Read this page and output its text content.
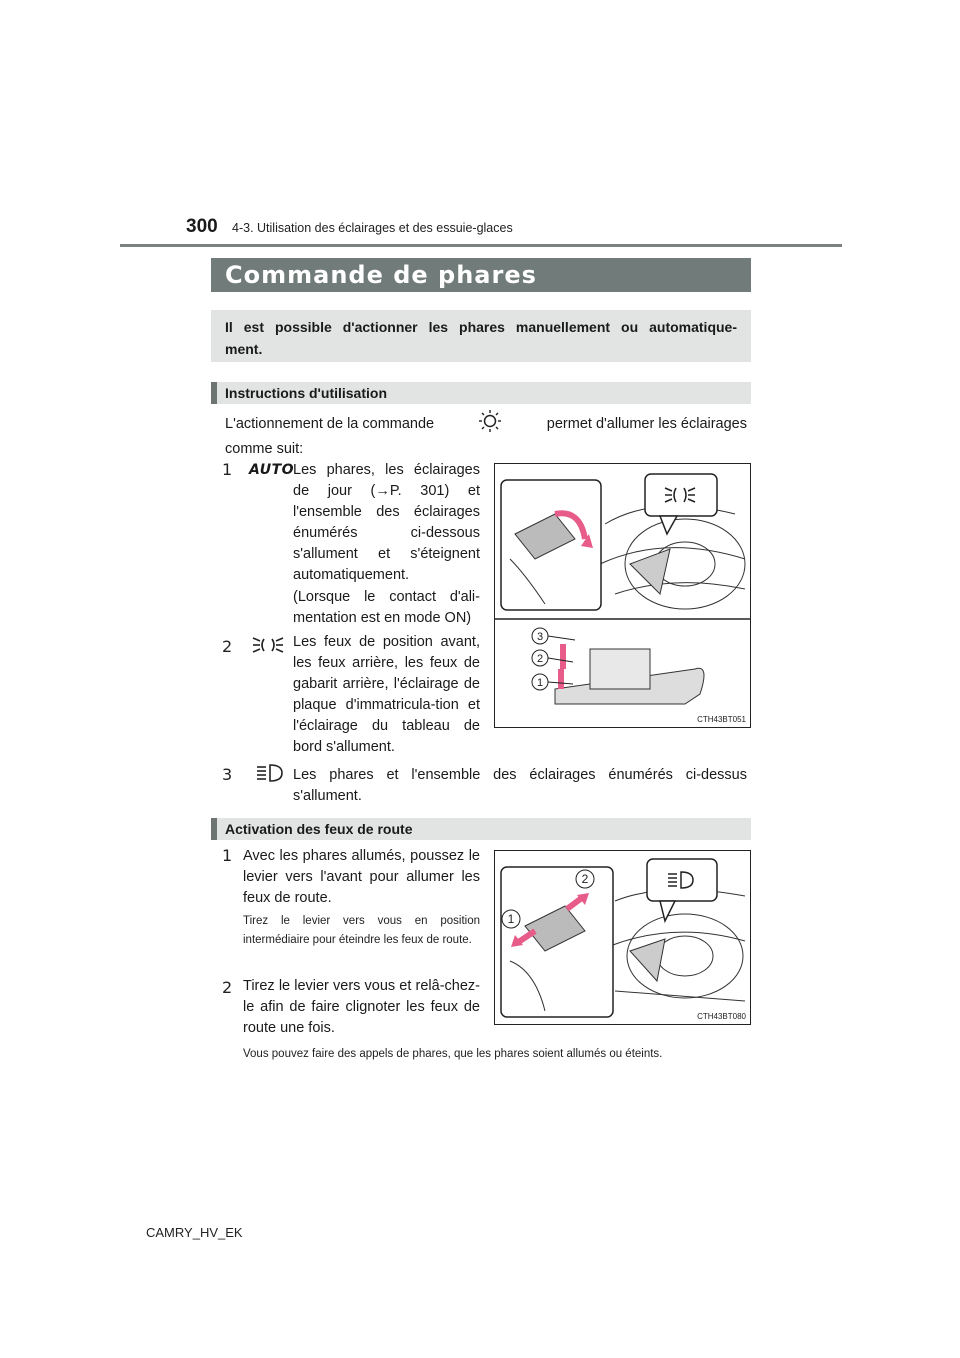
300 4-3. Utilisation des éclairages et des essuie-glaces
Commande de phares
Il est possible d'actionner les phares manuellement ou automatique-ment.
Instructions d'utilisation
L'actionnement de la commande	permet d'allumer les éclairages
comme suit:
1 AUTO
Les phares, les éclairages de jour (→P. 301) et l'ensemble des éclairages énumérés ci-dessous s'allument et s'éteignent automatiquement.
(Lorsque le contact d'ali-mentation est en mode ON)
2	Les feux de position avant, les feux arrière, les feux de gabarit arrière, l'éclairage de plaque d'immatricula-tion et l'éclairage du tableau de bord s'allument.
3	Les phares et l'ensemble des éclairages énumérés ci-dessus s'allument.
3
2
1
CTH43BT051
Activation des feux de route
1 Avec les phares allumés, poussez le levier vers l'avant pour allumer les feux de route.
Tirez le levier vers vous en position intermédiaire pour éteindre les feux de route.
2 Tirez le levier vers vous et relâ-chez-le afin de faire clignoter les feux de route une fois.
Vous pouvez faire des appels de phares, que les phares soient allumés ou éteints.
1
2
CTH43BT080
CAMRY_HV_EK
